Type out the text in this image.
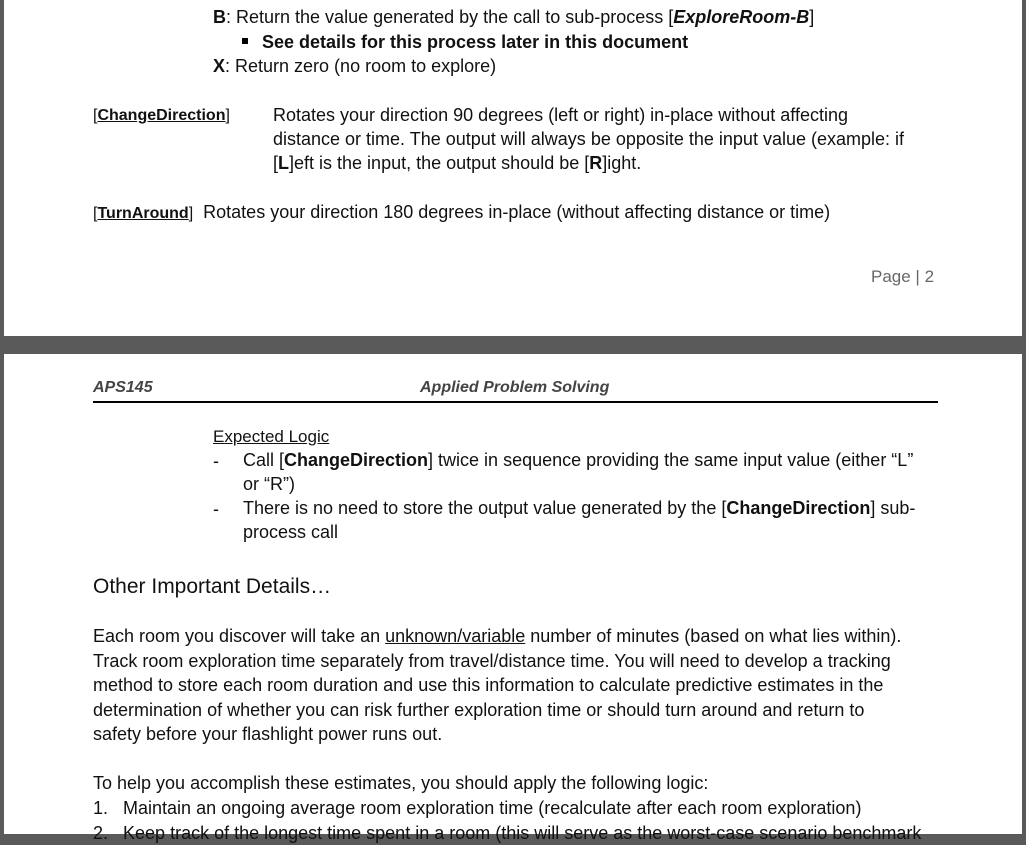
B: Return the value generated by the call to sub-process [ExploreRoom-B]
See details for this process later in this document
X: Return zero (no room to explore)
[ChangeDirection] Rotates your direction 90 degrees (left or right) in-place without affecting
distance or time. The output will always be opposite the input value (example: if
[L]eft is the input, the output should be [R]ight.
[TurnAround] Rotates your direction 180 degrees in-place (without affecting distance or time)
Page | 2
APS145	Applied Problem Solving
Expected Logic
- Call [ChangeDirection] twice in sequence providing the same input value (either “L”
or “R”)
- There is no need to store the output value generated by the [ChangeDirection] sub-
process call
Other Important Details…
Each room you discover will take an unknown/variable number of minutes (based on what lies within).
Track room exploration time separately from travel/distance time. You will need to develop a tracking
method to store each room duration and use this information to calculate predictive estimates in the
determination of whether you can risk further exploration time or should turn around and return to
safety before your flashlight power runs out.
To help you accomplish these estimates, you should apply the following logic:
1. Maintain an ongoing average room exploration time (recalculate after each room exploration)
2. Keep track of the longest time spent in a room (this will serve as the worst-case scenario benchmark
